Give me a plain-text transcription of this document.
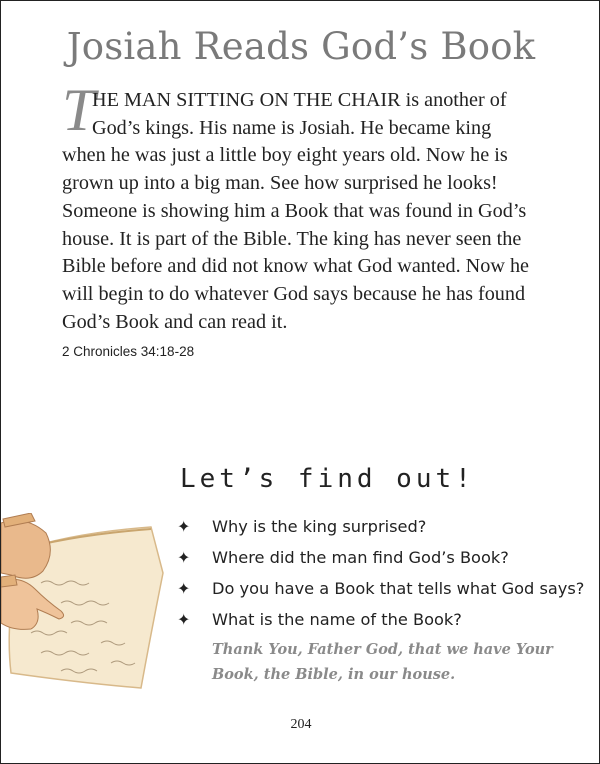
Josiah Reads God’s Book
T
HE MAN SITTING ON THE CHAIR is another of
God’s kings. His name is Josiah. He became king
when he was just a little boy eight years old. Now he is
grown up into a big man. See how surprised he looks!
Someone is showing him a Book that was found in God’s
house. It is part of the Bible. The king has never seen the
Bible before and did not know what God wanted. Now he
will begin to do whatever God says because he has found
God’s Book and can read it.
2 Chronicles 34:18-28
Let’s find out!
✦	Why is the king surprised?
✦	Where did the man find God’s Book?
✦	Do you have a Book that tells what God says?
✦	What is the name of the Book?
Thank You, Father God, that we have Your
Book, the Bible, in our house.
204
